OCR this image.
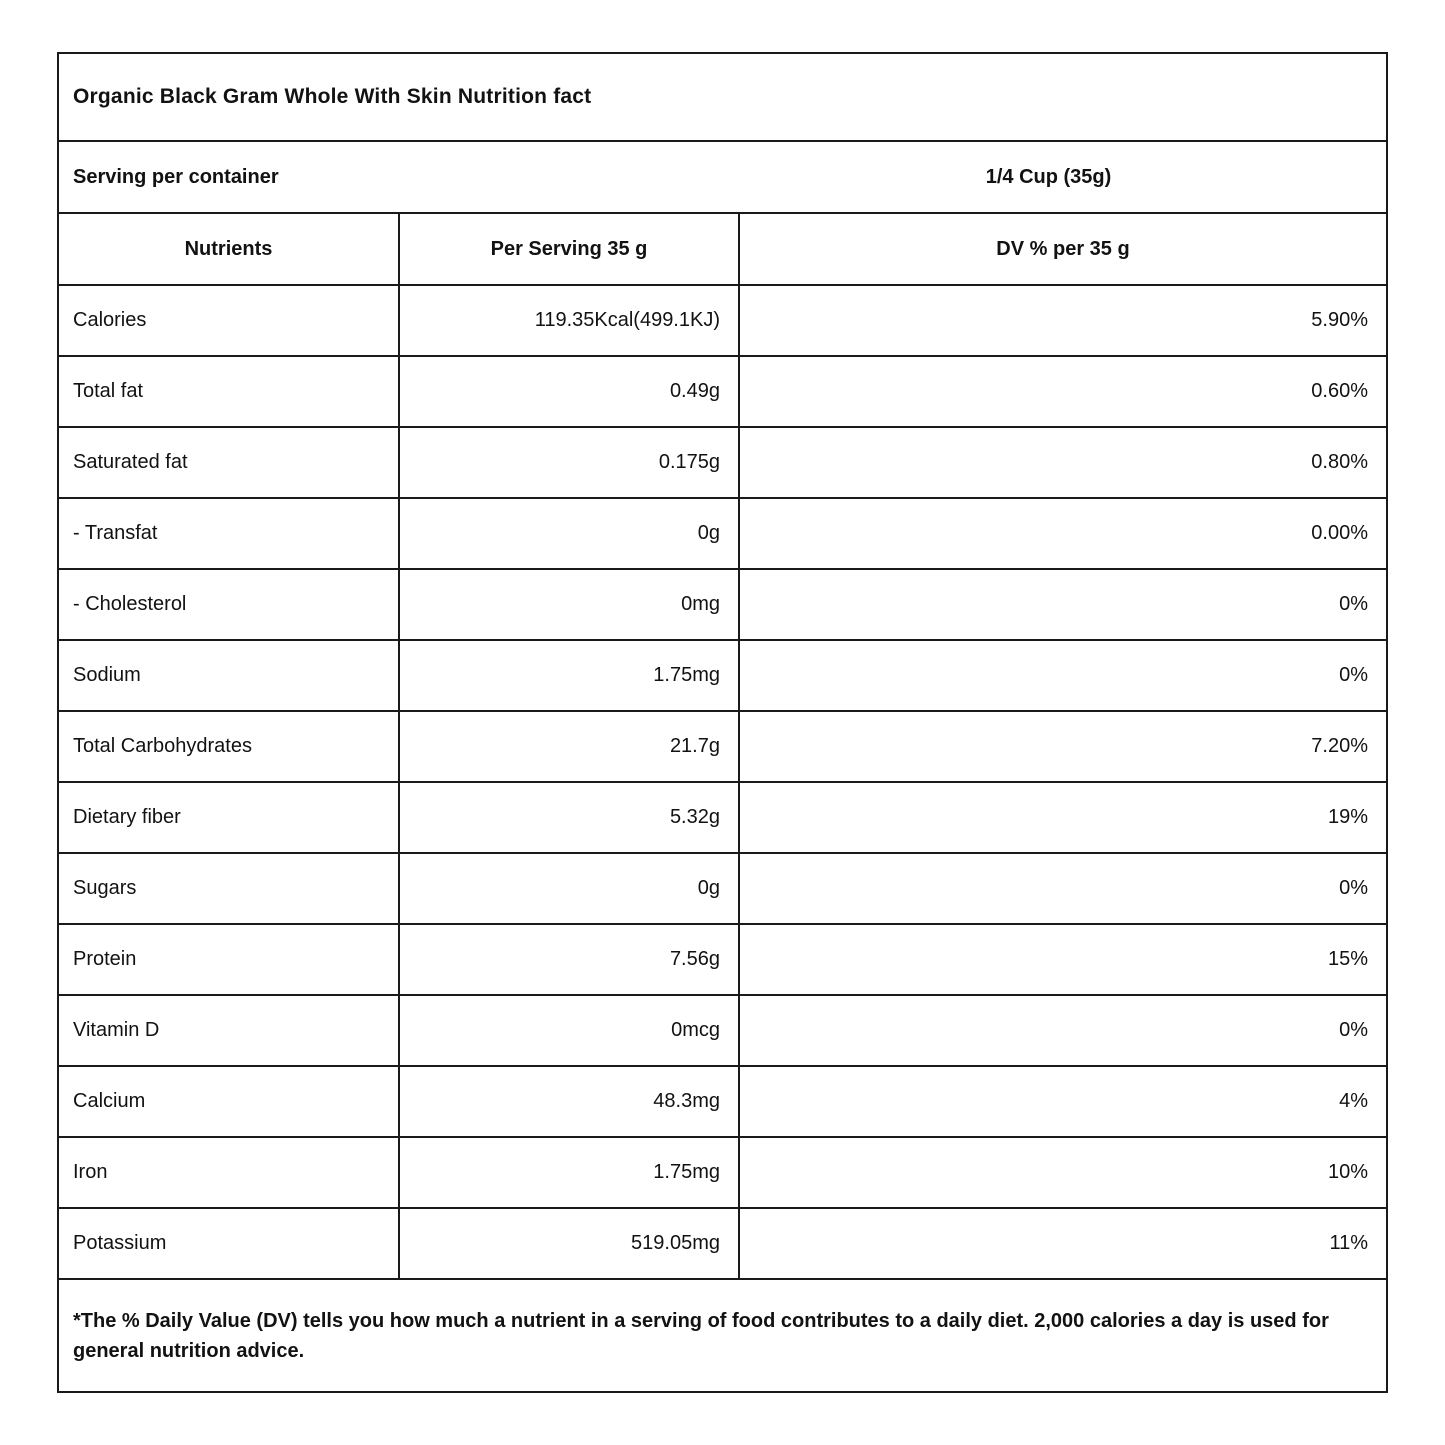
Organic Black Gram Whole With Skin Nutrition fact
Serving per container	1/4 Cup (35g)
Nutrients	Per Serving 35 g	DV % per 35 g
Calories	119.35Kcal(499.1KJ)	5.90%
Total fat	0.49g	0.60%
Saturated fat	0.175g	0.80%
- Transfat	0g	0.00%
- Cholesterol	0mg	0%
Sodium	1.75mg	0%
Total Carbohydrates	21.7g	7.20%
Dietary fiber	5.32g	19%
Sugars	0g	0%
Protein	7.56g	15%
Vitamin D	0mcg	0%
Calcium	48.3mg	4%
Iron	1.75mg	10%
Potassium	519.05mg	11%
*The % Daily Value (DV) tells you how much a nutrient in a serving of food contributes to a daily diet. 2,000 calories a day is used for general nutrition advice.
